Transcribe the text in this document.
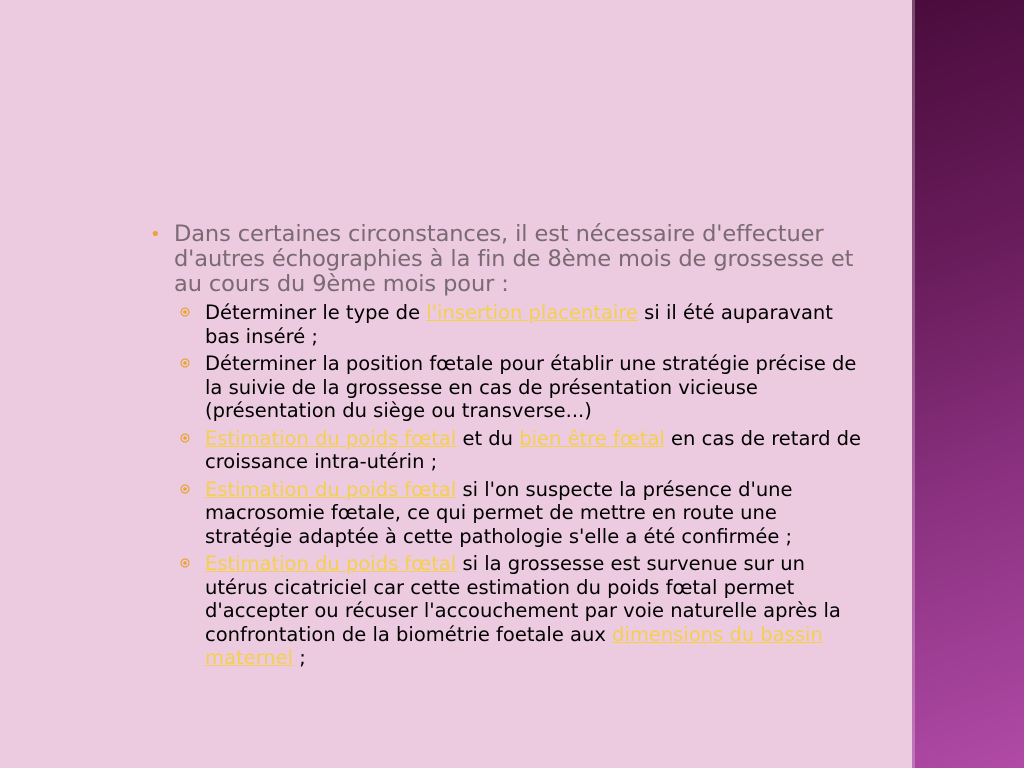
• Dans certaines circonstances, il est nécessaire d'effectuer d'autres échographies à la fin de 8ème mois de grossesse et au cours du 9ème mois pour :
Déterminer le type de l'insertion placentaire si il été auparavant bas inséré ;
Déterminer la position fœtale pour établir une stratégie précise de la suivie de la grossesse en cas de présentation vicieuse (présentation du siège ou transverse...)
Estimation du poids fœtal et du bien être fœtal en cas de retard de croissance intra-utérin ;
Estimation du poids fœtal si l'on suspecte la présence d'une macrosomie fœtale, ce qui permet de mettre en route une stratégie adaptée à cette pathologie s'elle a été confirmée ;
Estimation du poids fœtal si la grossesse est survenue sur un utérus cicatriciel car cette estimation du poids fœtal permet d'accepter ou récuser l'accouchement par voie naturelle après la confrontation de la biométrie foetale aux dimensions du bassin maternel ;
